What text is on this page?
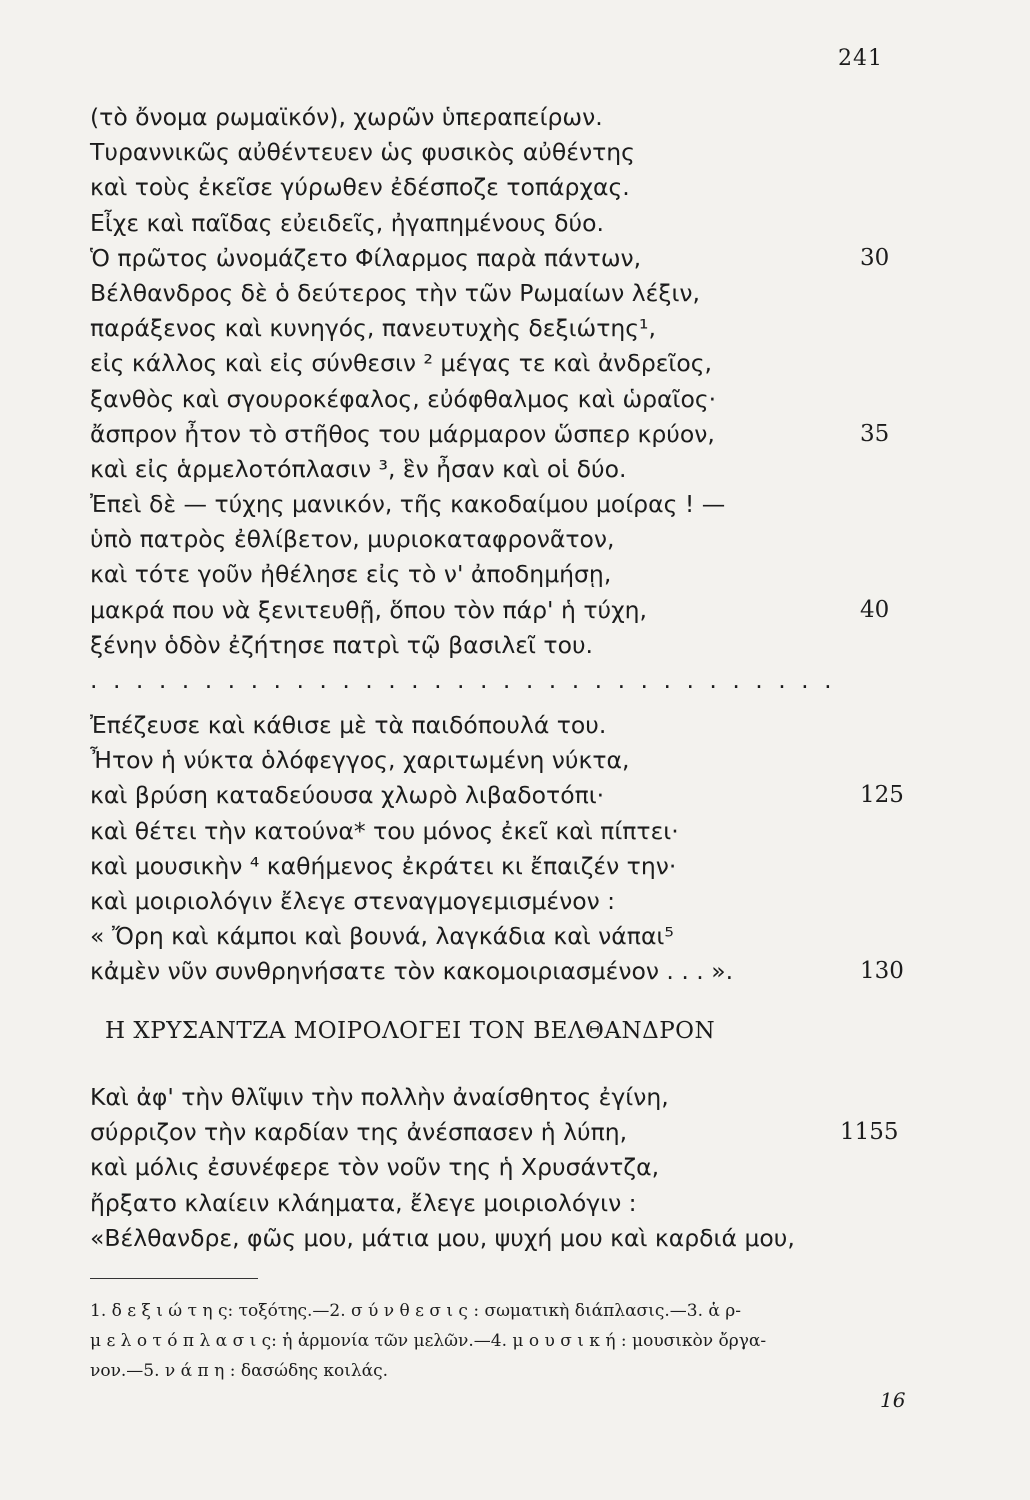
241
(τὸ ὄνομα ρωμαϊκόν), χωρῶν ὑπεραπείρων.
Τυραννικῶς αὐθέντευεν ὡς φυσικὸς αὐθέντης
καὶ τοὺς ἐκεῖσε γύρωθεν ἐδέσποζε τοπάρχας.
Εἶχε καὶ παῖδας εὐειδεῖς, ἠγαπημένους δύο.
Ὁ πρῶτος ὠνομάζετο Φίλαρμος παρὰ πάντων,	30
Βέλθανδρος δὲ ὁ δεύτερος τὴν τῶν Ρωμαίων λέξιν,
παράξενος καὶ κυνηγός, πανευτυχὴς δεξιώτης¹,
εἰς κάλλος καὶ εἰς σύνθεσιν ² μέγας τε καὶ ἀνδρεῖος,
ξανθὸς καὶ σγουροκέφαλος, εὐόφθαλμος καὶ ὡραῖος·
ἄσπρον ἦτον τὸ στῆθος του μάρμαρον ὥσπερ κρύον,	35
καὶ εἰς ἁρμελοτόπλασιν ³, ἓν ἦσαν καὶ οἱ δύο.
Ἐπεὶ δὲ — τύχης μανικόν, τῆς κακοδαίμου μοίρας ! —
ὑπὸ πατρὸς ἐθλίβετον, μυριοκαταφρονᾶτον,
καὶ τότε γοῦν ἠθέλησε εἰς τὸ ν' ἀποδημήσῃ,
μακρά που νὰ ξενιτευθῇ, ὅπου τὸν πάρ' ἡ τύχη,	40
ξένην ὁδὸν ἐζήτησε πατρὶ τῷ βασιλεῖ του.
. . . . . . . . . . . . . . . . . . . . . . . . . . . . . . . . .
Ἐπέζευσε καὶ κάθισε μὲ τὰ παιδόπουλά του.
Ἦτον ἡ νύκτα ὁλόφεγγος, χαριτωμένη νύκτα,
καὶ βρύση καταδεύουσα χλωρὸ λιβαδοτόπι·	125
καὶ θέτει τὴν κατούνα* του μόνος ἐκεῖ καὶ πίπτει·
καὶ μουσικὴν ⁴ καθήμενος ἐκράτει κι ἔπαιζέν την·
καὶ μοιριολόγιν ἔλεγε στεναγμογεμισμένον :
« Ὄρη καὶ κάμποι καὶ βουνά, λαγκάδια καὶ νάπαι⁵
κἀμὲν νῦν συνθρηνήσατε τὸν κακομοιριασμένον . . . ».	130
Η ΧΡΥΣΑΝΤΖΑ ΜΟΙΡΟΛΟΓΕΙ ΤΟΝ ΒΕΛΘΑΝΔΡΟΝ
Καὶ ἀφ' τὴν θλῖψιν τὴν πολλὴν ἀναίσθητος ἐγίνη,
σύρριζον τὴν καρδίαν της ἀνέσπασεν ἡ λύπη,	1155
καὶ μόλις ἐσυνέφερε τὸν νοῦν της ἡ Χρυσάντζα,
ἤρξατο κλαίειν κλάηματα, ἔλεγε μοιριολόγιν :
«Βέλθανδρε, φῶς μου, μάτια μου, ψυχή μου καὶ καρδιά μου,
1. δ ε ξ ι ώ τ η ς: τοξότης.—2. σ ύ ν θ ε σ ι ς : σωματικὴ διάπλασις.—3. ἁ ρ-
μ ε λ ο τ ό π λ α σ ι ς: ἡ ἁρμονία τῶν μελῶν.—4. μ ο υ σ ι κ ή : μουσικὸν ὄργα-
νον.—5. ν ά π η : δασώδης κοιλάς.
16
